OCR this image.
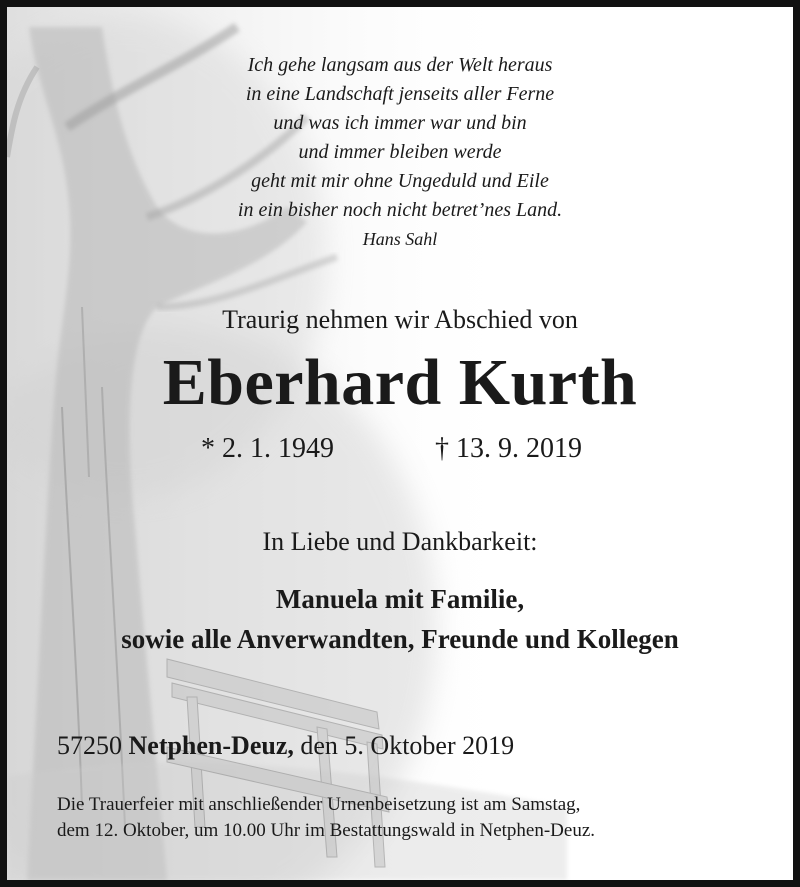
Ich gehe langsam aus der Welt heraus
in eine Landschaft jenseits aller Ferne
und was ich immer war und bin
und immer bleiben werde
geht mit mir ohne Ungeduld und Eile
in ein bisher noch nicht betret’nes Land.
Hans Sahl
Traurig nehmen wir Abschied von
Eberhard Kurth
* 2. 1. 1949	† 13. 9. 2019
In Liebe und Dankbarkeit:
Manuela mit Familie,
sowie alle Anverwandten, Freunde und Kollegen
57250 Netphen-Deuz, den 5. Oktober 2019
Die Trauerfeier mit anschließender Urnenbeisetzung ist am Samstag,
dem 12. Oktober, um 10.00 Uhr im Bestattungswald in Netphen-Deuz.
